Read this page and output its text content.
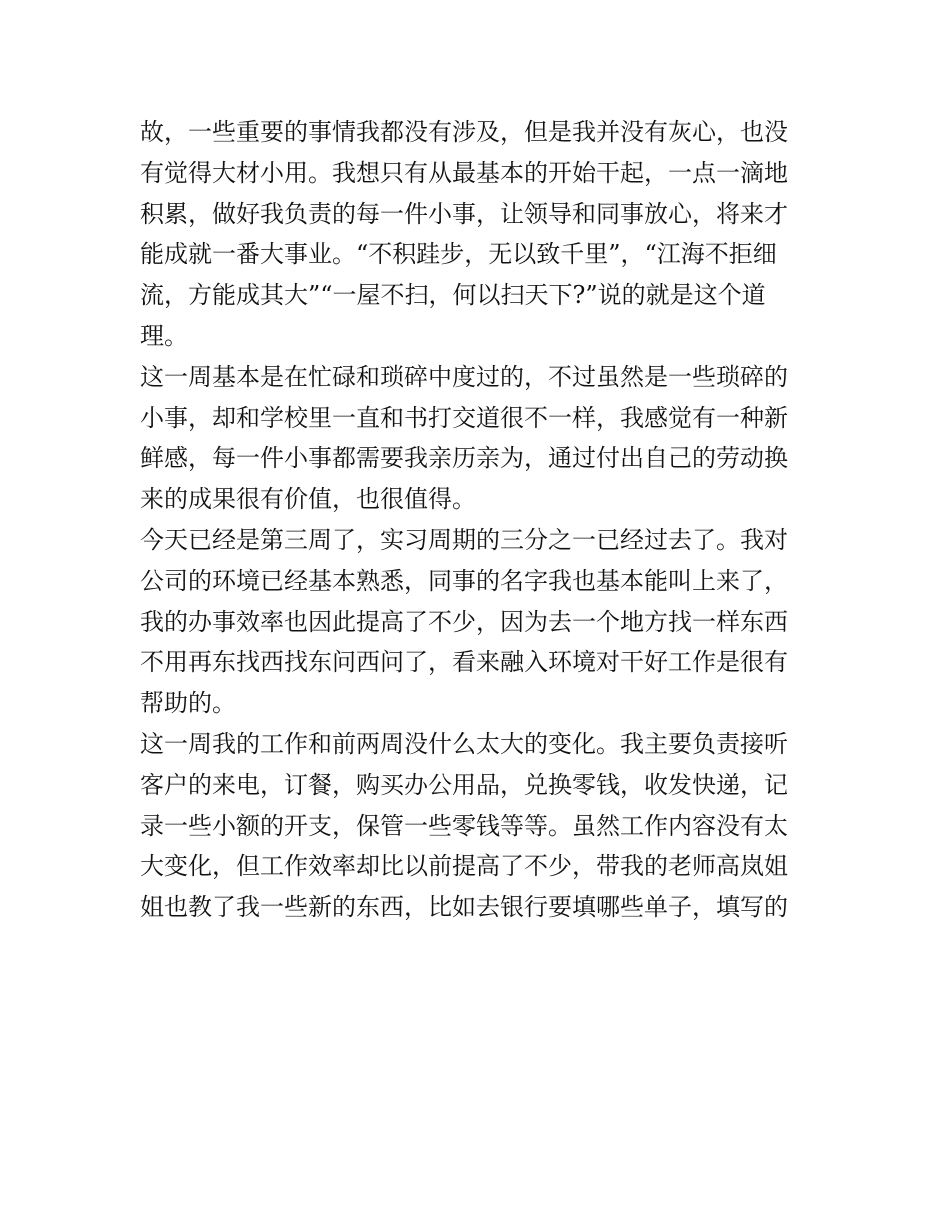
故，一些重要的事情我都没有涉及，但是我并没有灰心，也没
有觉得大材小用。我想只有从最基本的开始干起，一点一滴地
积累，做好我负责的每一件小事，让领导和同事放心，将来才
能成就一番大事业。“不积跬步，无以致千里”，“江海不拒细
流，方能成其大”“一屋不扫，何以扫天下?”说的就是这个道
理。
这一周基本是在忙碌和琐碎中度过的，不过虽然是一些琐碎的
小事，却和学校里一直和书打交道很不一样，我感觉有一种新
鲜感，每一件小事都需要我亲历亲为，通过付出自己的劳动换
来的成果很有价值，也很值得。
今天已经是第三周了，实习周期的三分之一已经过去了。我对
公司的环境已经基本熟悉，同事的名字我也基本能叫上来了，
我的办事效率也因此提高了不少，因为去一个地方找一样东西
不用再东找西找东问西问了，看来融入环境对干好工作是很有
帮助的。
这一周我的工作和前两周没什么太大的变化。我主要负责接听
客户的来电，订餐，购买办公用品，兑换零钱，收发快递，记
录一些小额的开支，保管一些零钱等等。虽然工作内容没有太
大变化，但工作效率却比以前提高了不少，带我的老师高岚姐
姐也教了我一些新的东西，比如去银行要填哪些单子，填写的
